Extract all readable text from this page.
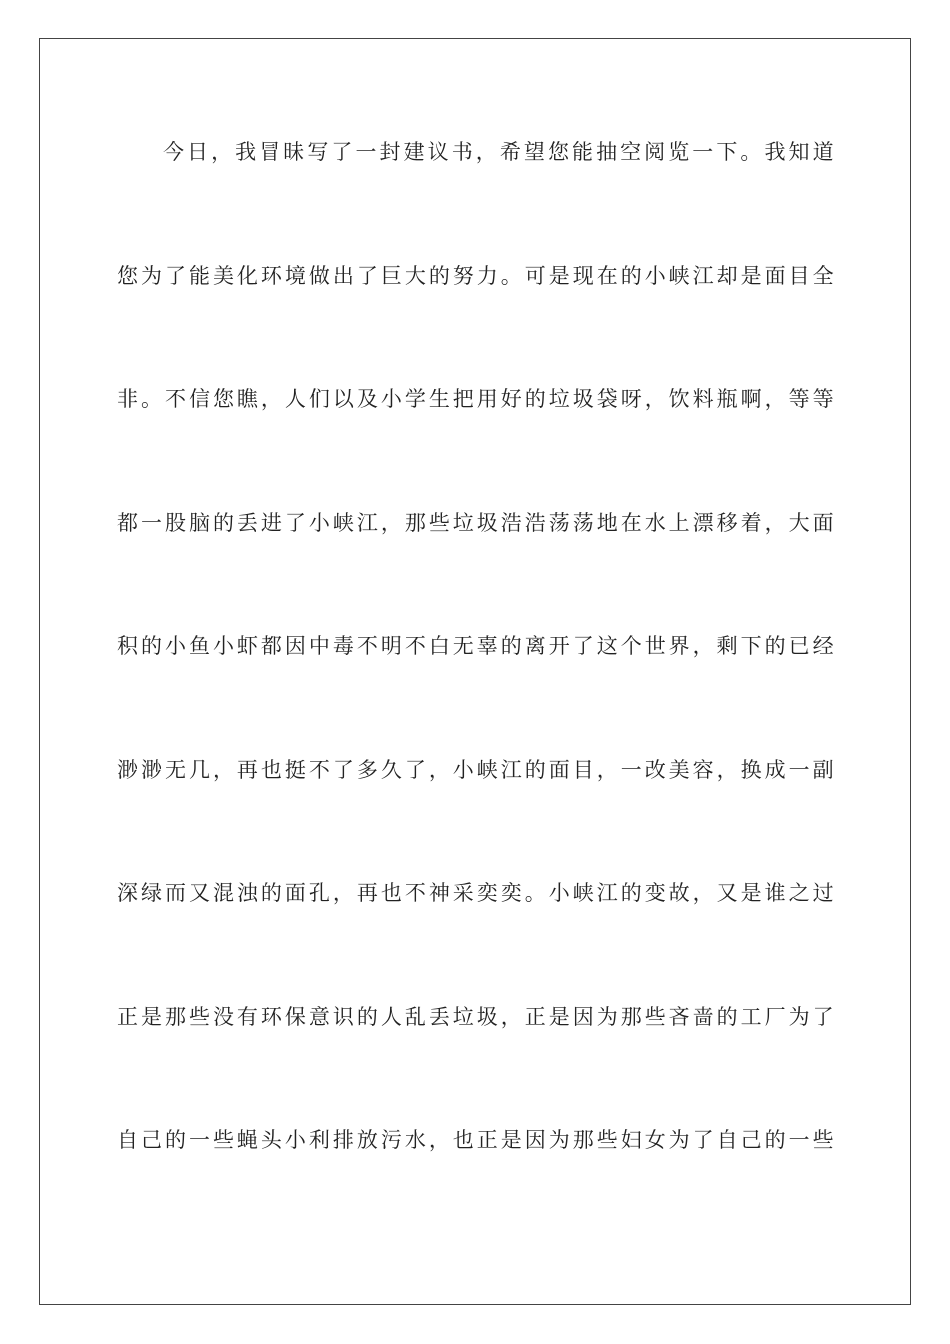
今日，我冒昧写了一封建议书，希望您能抽空阅览一下。我知道
您为了能美化环境做出了巨大的努力。可是现在的小峡江却是面目全
非。不信您瞧，人们以及小学生把用好的垃圾袋呀，饮料瓶啊，等等
都一股脑的丢进了小峡江，那些垃圾浩浩荡荡地在水上漂移着，大面
积的小鱼小虾都因中毒不明不白无辜的离开了这个世界，剩下的已经
渺渺无几，再也挺不了多久了，小峡江的面目，一改美容，换成一副
深绿而又混浊的面孔，再也不神采奕奕。小峡江的变故，又是谁之过
正是那些没有环保意识的人乱丢垃圾，正是因为那些吝啬的工厂为了
自己的一些蝇头小利排放污水，也正是因为那些妇女为了自己的一些
